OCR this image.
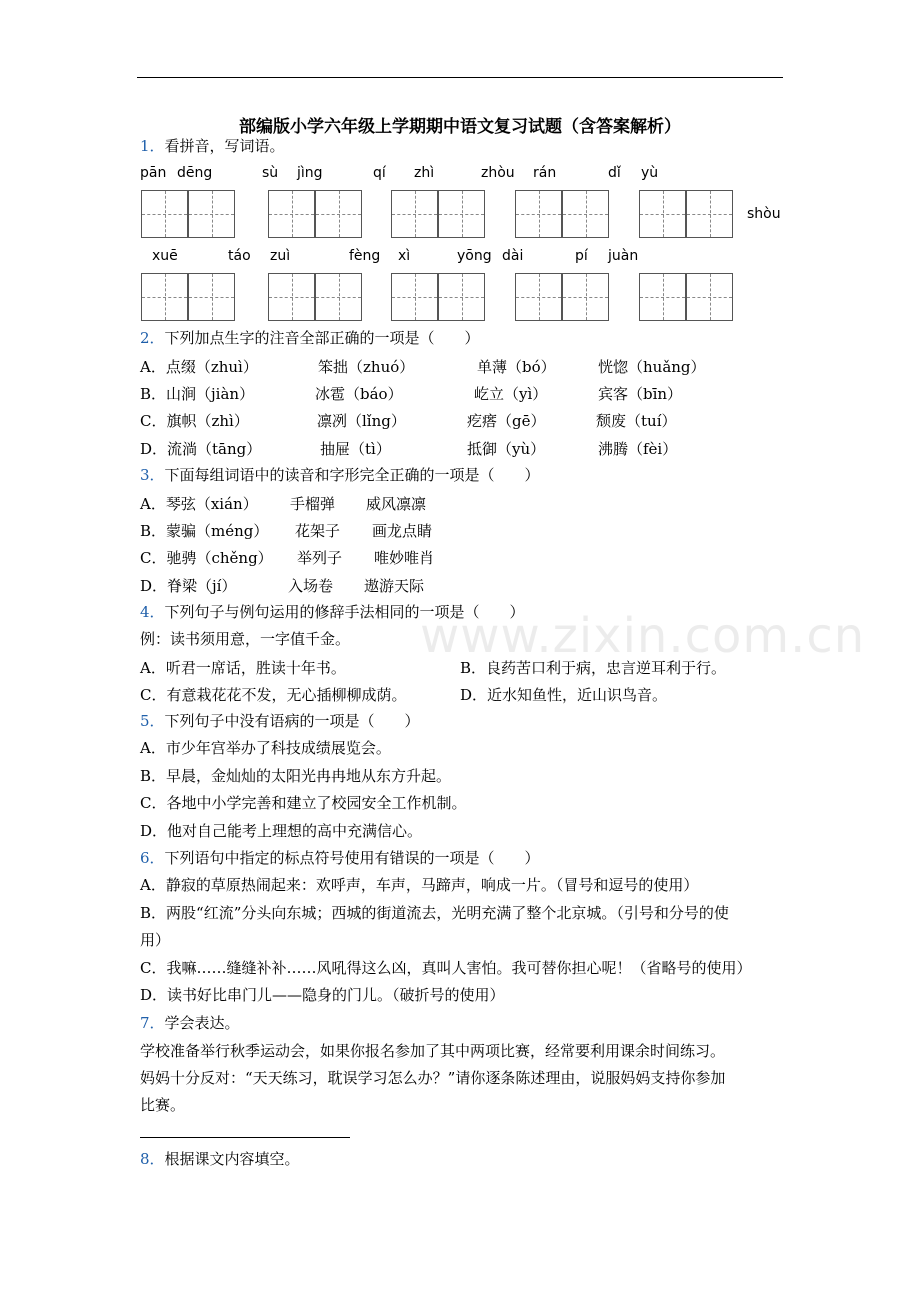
部编版小学六年级上学期期中语文复习试题（含答案解析）
www.zixin.com.cn
1．看拼音，写词语。
pān dēng	sù jìng	qí zhì	zhòu rán	dǐ yù
shòu
xuē	táo zuì	fèng xì	yōng dài	pí juàn
2．下列加点生字的注音全部正确的一项是（　　）
A．点缀（zhuì）	笨拙（zhuó）	单薄（bó）	恍惚（huǎng）
B．山涧（jiàn）	冰雹（báo）	屹立（yì）	宾客（bīn）
C．旗帜（zhì）	凛冽（lǐng）	疙瘩（gē）	颓废（tuí）
D．流淌（tāng）	抽屉（tì）	抵御（yù）	沸腾（fèi）
3．下面每组词语中的读音和字形完全正确的一项是（　　）
A．琴弦（xián） 手榴弹 威风凛凛
B．蒙骗（méng） 花架子 画龙点睛
C．驰骋（chěng） 举列子 唯妙唯肖
D．脊梁（jí）	入场卷 遨游天际
4．下列句子与例句运用的修辞手法相同的一项是（　　）
例：读书须用意，一字值千金。
A．听君一席话，胜读十年书。	B．良药苦口利于病，忠言逆耳利于行。
C．有意栽花花不发，无心插柳柳成荫。	D．近水知鱼性，近山识鸟音。
5．下列句子中没有语病的一项是（　　）
A．市少年宫举办了科技成绩展览会。
B．早晨，金灿灿的太阳光冉冉地从东方升起。
C．各地中小学完善和建立了校园安全工作机制。
D．他对自己能考上理想的高中充满信心。
6．下列语句中指定的标点符号使用有错误的一项是（　　）
A．静寂的草原热闹起来：欢呼声，车声，马蹄声，响成一片。（冒号和逗号的使用）
B．两股“红流”分头向东城；西城的街道流去，光明充满了整个北京城。（引号和分号的使
用）
C．我嘛……缝缝补补……风吼得这么凶，真叫人害怕。我可替你担心呢！（省略号的使用）
D．读书好比串门儿——隐身的门儿。（破折号的使用）
7．学会表达。
学校准备举行秋季运动会，如果你报名参加了其中两项比赛，经常要利用课余时间练习。
妈妈十分反对：“天天练习，耽误学习怎么办？”请你逐条陈述理由，说服妈妈支持你参加
比赛。
8．根据课文内容填空。
